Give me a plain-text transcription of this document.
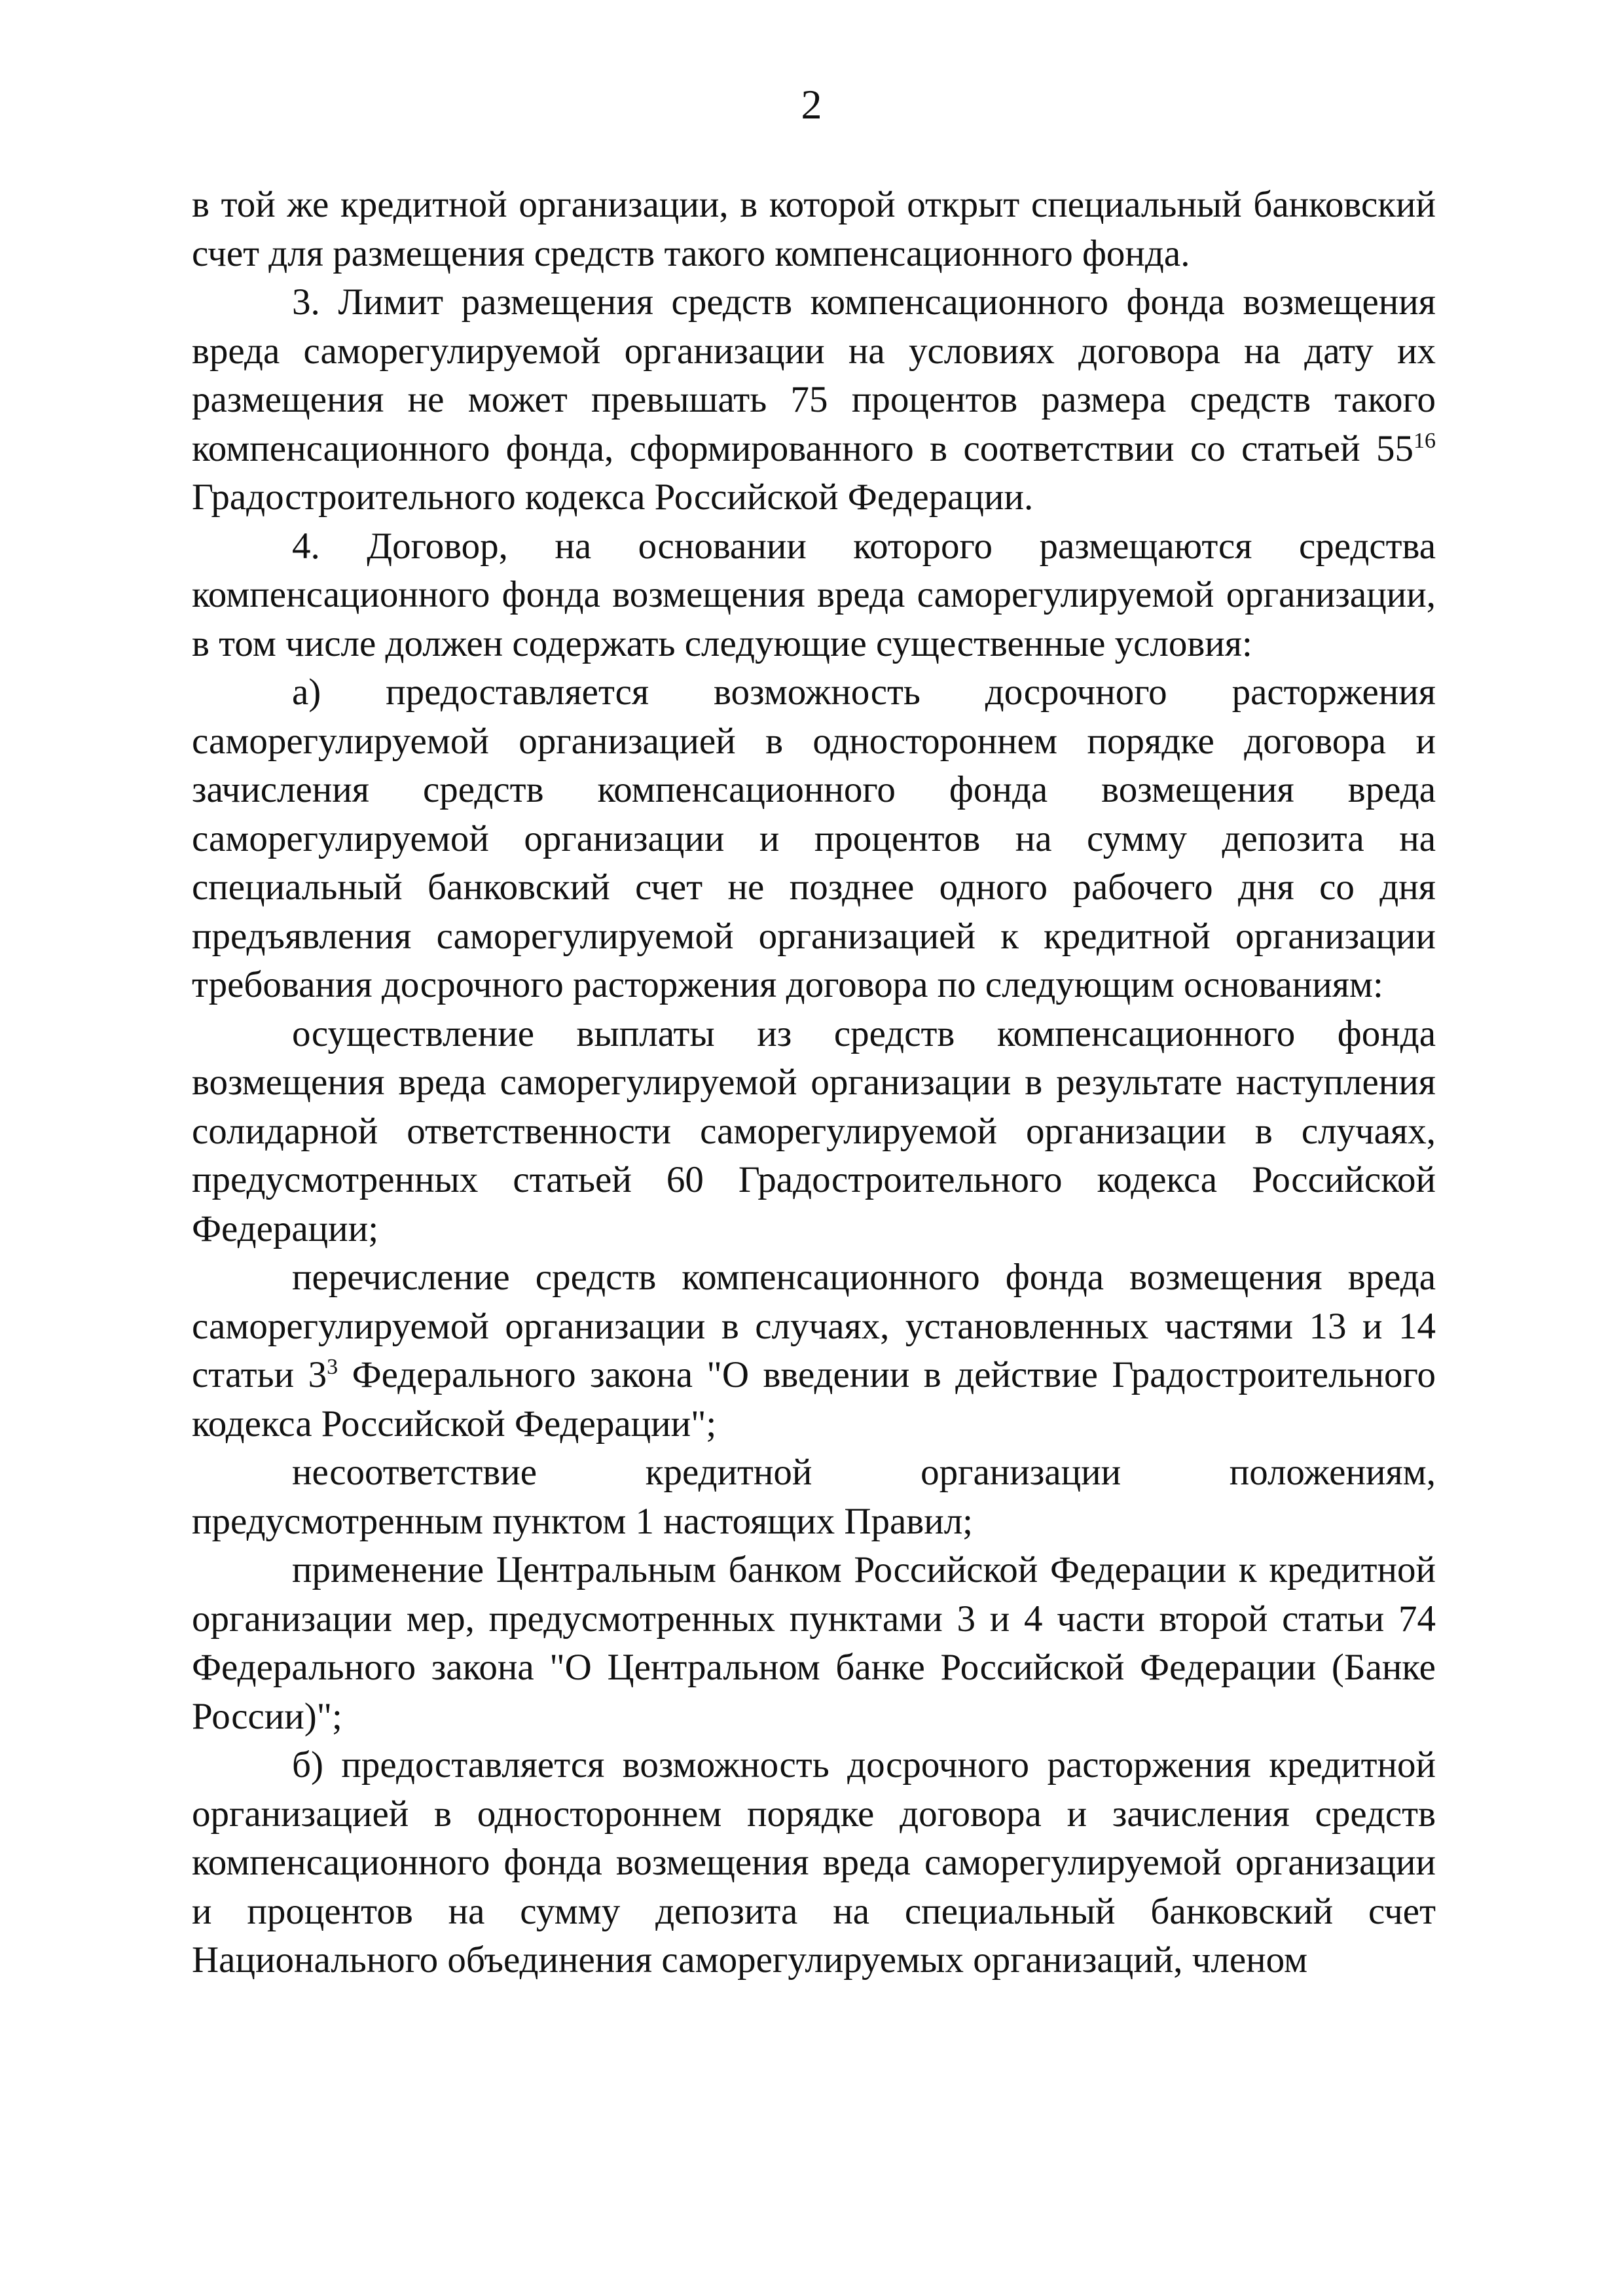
2

в той же кредитной организации, в которой открыт специальный банковский счет для размещения средств такого компенсационного фонда.

3. Лимит размещения средств компенсационного фонда возмещения вреда саморегулируемой организации на условиях договора на дату их размещения не может превышать 75 процентов размера средств такого компенсационного фонда, сформированного в соответствии со статьей $55^{16}$ Градостроительного кодекса Российской Федерации.

4. Договор, на основании которого размещаются средства компенсационного фонда возмещения вреда саморегулируемой организации, в том числе должен содержать следующие существенные условия:

а) предоставляется возможность досрочного расторжения саморегулируемой организацией в одностороннем порядке договора и зачисления средств компенсационного фонда возмещения вреда саморегулируемой организации и процентов на сумму депозита на специальный банковский счет не позднее одного рабочего дня со дня предъявления саморегулируемой организацией к кредитной организации требования досрочного расторжения договора по следующим основаниям:

осуществление выплаты из средств компенсационного фонда возмещения вреда саморегулируемой организации в результате наступления солидарной ответственности саморегулируемой организации в случаях, предусмотренных статьей 60 Градостроительного кодекса Российской Федерации;

перечисление средств компенсационного фонда возмещения вреда саморегулируемой организации в случаях, установленных частями 13 и 14 статьи $3^3$ Федерального закона "О введении в действие Градостроительного кодекса Российской Федерации";

несоответствие кредитной организации положениям, предусмотренным пунктом 1 настоящих Правил;

применение Центральным банком Российской Федерации к кредитной организации мер, предусмотренных пунктами 3 и 4 части второй статьи 74 Федерального закона "О Центральном банке Российской Федерации (Банке России)";

б) предоставляется возможность досрочного расторжения кредитной организацией в одностороннем порядке договора и зачисления средств компенсационного фонда возмещения вреда саморегулируемой организации и процентов на сумму депозита на специальный банковский счет Национального объединения саморегулируемых организаций, членом
